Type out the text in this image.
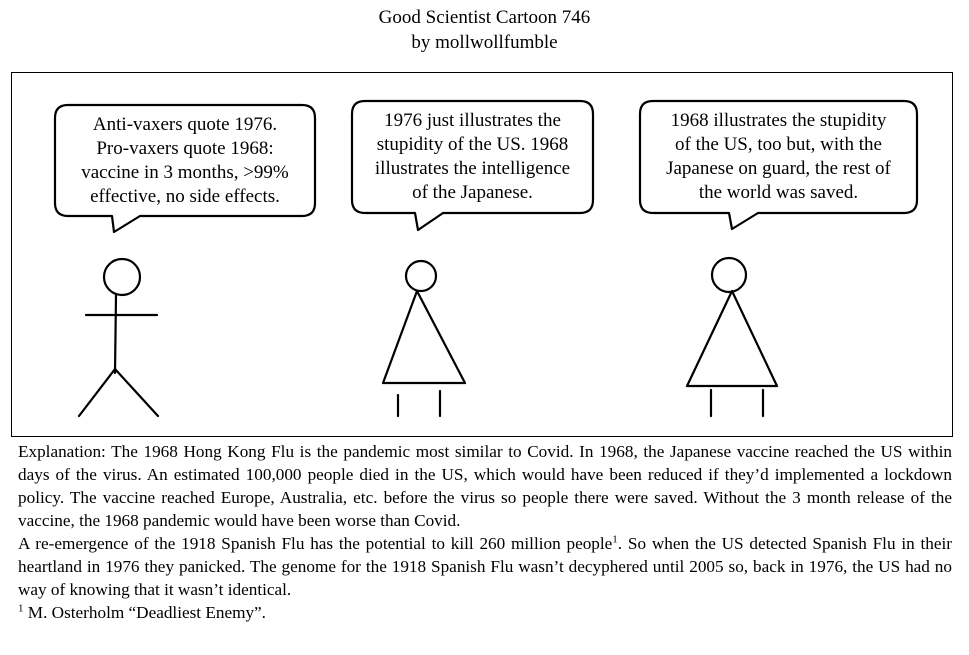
Good Scientist Cartoon 746
by mollwollfumble
Anti-vaxers quote 1976.
Pro-vaxers quote 1968:
vaccine in 3 months, >99%
effective, no side effects.
1976 just illustrates the
stupidity of the US. 1968
illustrates the intelligence
of the Japanese.
1968 illustrates the stupidity
of the US, too but, with the
Japanese on guard, the rest of
the world was saved.

Explanation: The 1968 Hong Kong Flu is the pandemic most similar to Covid. In 1968, the Japanese vaccine reached the US within days of the virus. An estimated 100,000 people died in the US, which would have been reduced if they’d implemented a lockdown policy. The vaccine reached Europe, Australia, etc. before the virus so people there were saved. Without the 3 month release of the vaccine, the 1968 pandemic would have been worse than Covid.

A re-emergence of the 1918 Spanish Flu has the potential to kill 260 million people$^1$. So when the US detected Spanish Flu in their heartland in 1976 they panicked. The genome for the 1918 Spanish Flu wasn’t decyphered until 2005 so, back in 1976, the US had no way of knowing that it wasn’t identical.

$^1$ M. Osterholm “Deadliest Enemy”.
